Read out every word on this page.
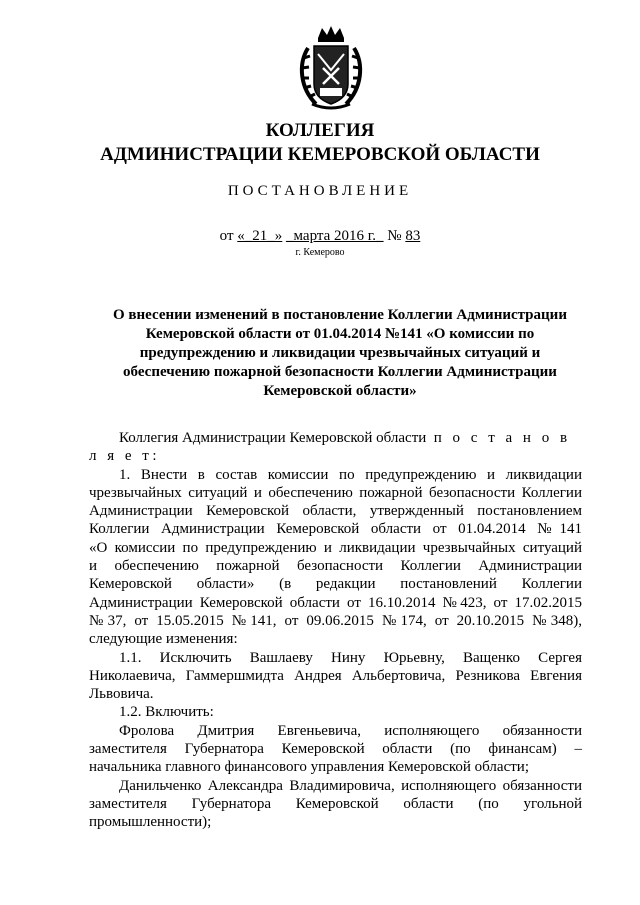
КОЛЛЕГИЯ
АДМИНИСТРАЦИИ КЕМЕРОВСКОЙ ОБЛАСТИ
ПОСТАНОВЛЕНИЕ
от «_21_» _марта 2016 г._ № 83
г. Кемерово
О внесении изменений в постановление Коллегии Администрации Кемеровской области от 01.04.2014 №141 «О комиссии по предупреждению и ликвидации чрезвычайных ситуаций и обеспечению пожарной безопасности Коллегии Администрации Кемеровской области»

Коллегия Администрации Кемеровской области п о с т а н о в л я е т:

1. Внести в состав комиссии по предупреждению и ликвидации

чрезвычайных ситуаций и обеспечению пожарной безопасности Коллегии

Администрации Кемеровской области, утвержденный постановлением

Коллегии Администрации Кемеровской области от 01.04.2014 №141

«О комиссии по предупреждению и ликвидации чрезвычайных ситуаций

и обеспечению пожарной безопасности Коллегии Администрации

Кемеровской области» (в редакции постановлений Коллегии

Администрации Кемеровской области от 16.10.2014 №423, от 17.02.2015

№37, от 15.05.2015 №141, от 09.06.2015 №174, от 20.10.2015 №348),

следующие изменения:

1.1. Исключить Вашлаеву Нину Юрьевну, Ващенко Сергея

Николаевича, Гаммершмидта Андрея Альбертовича, Резникова Евгения

Львовича.

1.2. Включить:

Фролова Дмитрия Евгеньевича, исполняющего обязанности

заместителя Губернатора Кемеровской области (по финансам) –

начальника главного финансового управления Кемеровской области;

Данильченко Александра Владимировича, исполняющего обязанности

заместителя Губернатора Кемеровской области (по угольной

промышленности);
